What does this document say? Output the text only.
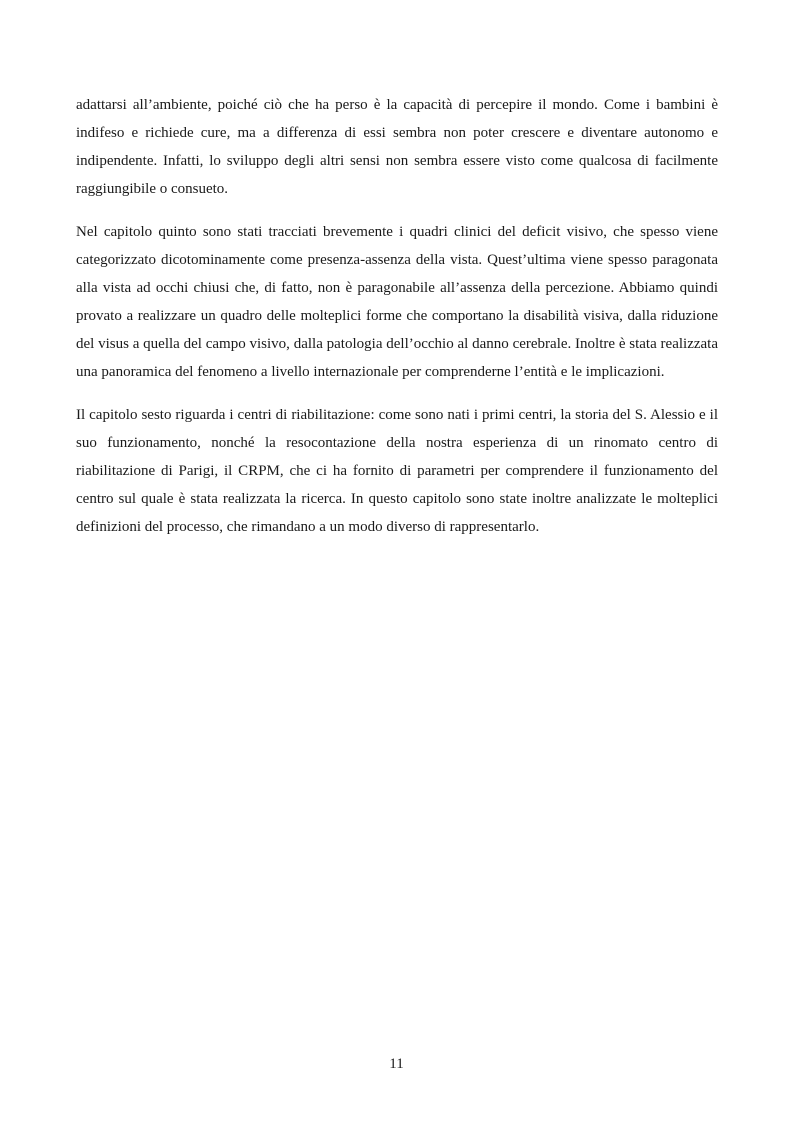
adattarsi all’ambiente, poiché ciò che ha perso è la capacità di percepire il mondo. Come i bambini è indifeso e richiede cure, ma a differenza di essi sembra non poter crescere e diventare autonomo e indipendente. Infatti, lo sviluppo degli altri sensi non sembra essere visto come qualcosa di facilmente raggiungibile o consueto.

Nel capitolo quinto sono stati tracciati brevemente i quadri clinici del deficit visivo, che spesso viene categorizzato dicotominamente come presenza-assenza della vista. Quest’ultima viene spesso paragonata alla vista ad occhi chiusi che, di fatto, non è paragonabile all’assenza della percezione. Abbiamo quindi provato a realizzare un quadro delle molteplici forme che comportano la disabilità visiva, dalla riduzione del visus a quella del campo visivo, dalla patologia dell’occhio al danno cerebrale. Inoltre è stata realizzata una panoramica del fenomeno a livello internazionale per comprenderne l’entità e le implicazioni.

Il capitolo sesto riguarda i centri di riabilitazione: come sono nati i primi centri, la storia del S. Alessio e il suo funzionamento, nonché la resocontazione della nostra esperienza di un rinomato centro di riabilitazione di Parigi, il CRPM, che ci ha fornito di parametri per comprendere il funzionamento del centro sul quale è stata realizzata la ricerca. In questo capitolo sono state inoltre analizzate le molteplici definizioni del processo, che rimandano a un modo diverso di rappresentarlo.

11
